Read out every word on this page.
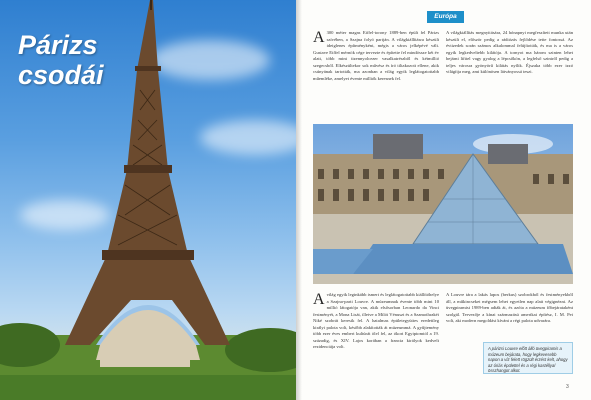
Párizs
csodái
Európa
A 300 méter magas Eiffel-torony 1889-ben épült fel Párizs szívében, a Szajna folyó partján. A világkiállításra készült ideiglenes építményként, mégis a város jelképévé vált. Gustave Eiffel mérnök cége tervezte és építette fel mindössze két év alatt, több mint tizennyolcezer vasalkatrészből és kétmillió szegecsből. Elkészültekor sok művész és író tiltakozott ellene, akik csúnyának tartották, ma azonban a világ egyik leglátogatottabb műemléke, amelyet évente milliók keresnek fel.
A világkiállítás megnyitására, 24 hónapnyi megfeszített munka után készült el, először pedig a rádiózás fejlődése tette fontossá. Az évtizedek során számos alkalommal felújították, és ma is a város egyik legkedveltebb kilátója. A tornyot ma három szinten lehet bejárni lifttel vagy gyalog a lépcsőkön, a legfelső szintről pedig a teljes városra gyönyörű kilátás nyílik. Éjszaka több ezer izzó világítja meg, ami különösen látványossá teszi.
Avilág egyik leginkább ismert és leglátogatottabb kiállítóhelye a Szajna-parti Louvre. A múzeumnak évente több mint 10 millió látogatója van, akik elsősorban Leonardo da Vinci festményét, a Mona Lisát, illetve a Milói Vénuszt és a Szamothrakéi Niké szobrát keresik fel. A hatalmas épületegyüttes eredetileg királyi palota volt, később alakították át múzeummá. A gyűjtemény több ezer éves emberi kultúrát ölel fel, az ókori Egyiptomtól a 19. századig, és XIV. Lajos korában a francia királyok kedvelt rezidenciája volt.
A Louvre tára a lakás lapos (berkus) szobrokból és festményekből áll, a műkincseket mégsem lehet egyetlen nap alatt végignézni. Az üvegpiramist 1989-ben adták át, és azóta a múzeum főbejárataként szolgál. Tervezője a kínai származású amerikai építész, I. M. Pei volt, aki modern megoldást kívánt a régi palota udvarára.
A párizsi Louvre előtt álló üvegpiramis a múzeum bejárata, hogy legkevesebb napon a víz felett rögzült érzést kelt, ahogy az óriás épülettel és a régi kastéllyal összhangot alkot.
3
